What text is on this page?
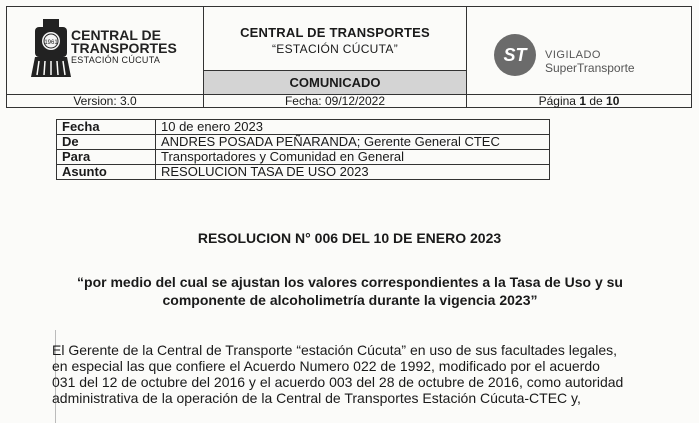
1961 CENTRAL DE
TRANSPORTES
ESTACIÓN CÚCUTA
CENTRAL DE TRANSPORTES
“ESTACIÓN CÚCUTA”
COMUNICADO
ST	VIGILADO
SuperTransporte
Version: 3.0	Fecha: 09/12/2022	Página 1 de 10
Fecha	10 de enero 2023
De	ANDRES POSADA PEÑARANDA; Gerente General CTEC
Para	Transportadores y Comunidad en General
Asunto	RESOLUCION TASA DE USO 2023
RESOLUCION N° 006 DEL 10 DE ENERO 2023
“por medio del cual se ajustan los valores correspondientes a la Tasa de Uso y su
componente de alcoholimetría durante la vigencia 2023”
El Gerente de la Central de Transporte “estación Cúcuta” en uso de sus facultades legales,
en especial las que confiere el Acuerdo Numero 022 de 1992, modificado por el acuerdo
031 del 12 de octubre del 2016 y el acuerdo 003 del 28 de octubre de 2016, como autoridad
administrativa de la operación de la Central de Transportes Estación Cúcuta-CTEC y,
